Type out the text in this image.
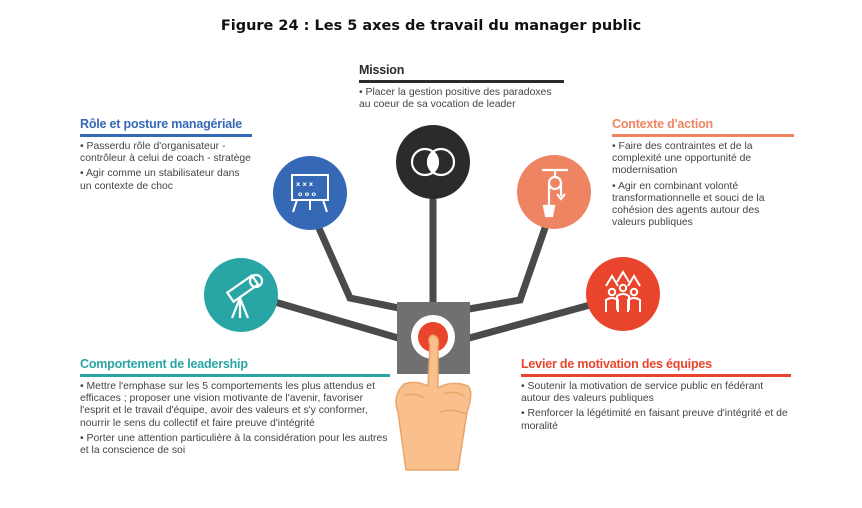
Figure 24 : Les 5 axes de travail du manager public
x x x
o o o
Mission
• Placer la gestion positive des paradoxes au coeur de sa vocation de leader
Rôle et posture managériale
• Passerdu rôle d'organisateur - contrôleur à celui de coach - stratège
• Agir comme un stabilisateur dans un contexte de choc
Contexte d'action
• Faire des contraintes et de la complexité une opportunité de modernisation
• Agir en combinant volonté transformationnelle et souci de la cohésion des agents autour des valeurs publiques
Comportement de leadership
• Mettre l'emphase sur les 5 comportements les plus attendus et efficaces ; proposer une vision motivante de l'avenir, favoriser l'esprit et le travail d'équipe, avoir des valeurs et s'y conformer, nourrir le sens du collectif et faire preuve d'intégrité
• Porter une attention particulière à la considération pour les autres et la conscience de soi
Levier de motivation des équipes
• Soutenir la motivation de service public en fédérant autour des valeurs publiques
• Renforcer la légétimité en faisant preuve d'intégrité et de moralité
